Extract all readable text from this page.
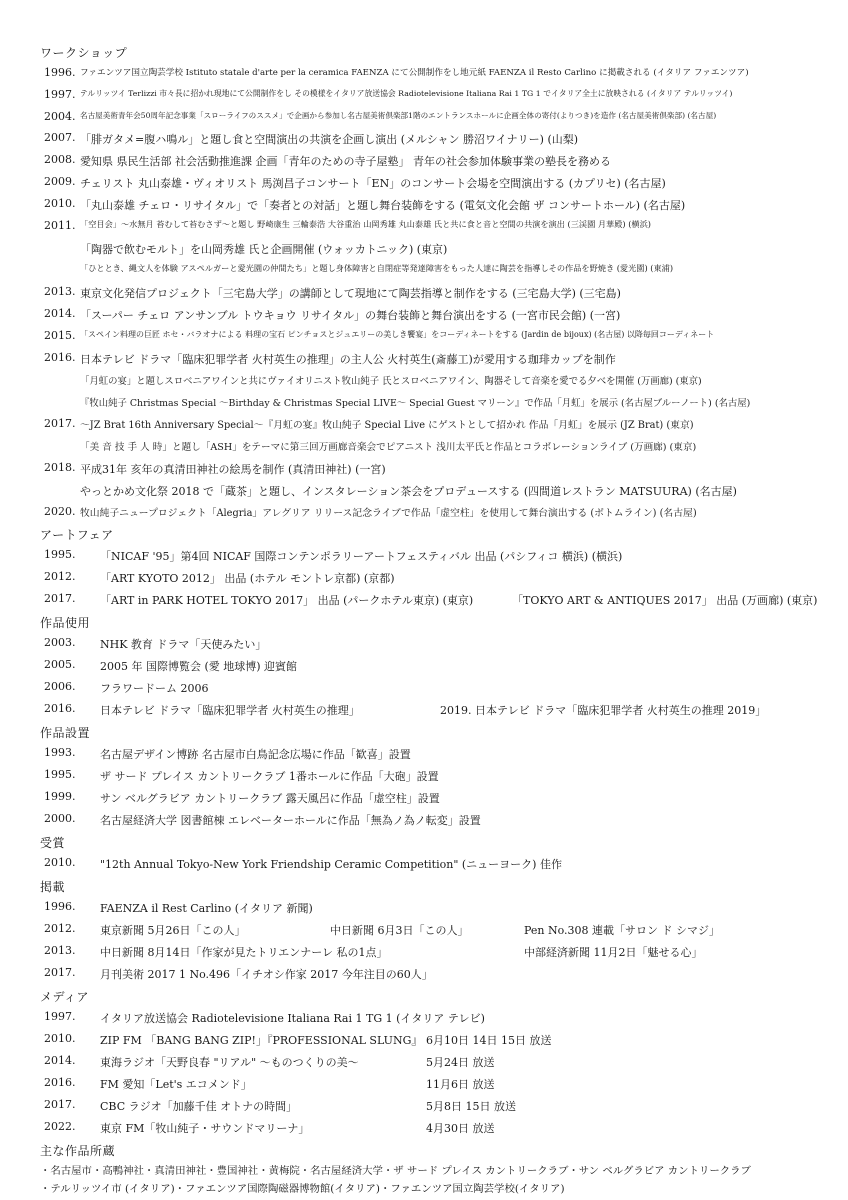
ワークショップ
1996. ファエンツア国立陶芸学校 Istituto statale d'arte per la ceramica FAENZA にて公開制作をし地元紙 FAENZA il Resto Carlino に掲載される (イタリア ファエンツア)
1997. テルリッツイ Terlizzi 市々長に招かれ現地にて公開制作をし その模様をイタリア放送協会 Radiotelevisione Italiana Rai 1 TG 1 でイタリア全土に放映される (イタリア テルリッツイ)
2004. 名古屋美術青年会50周年記念事業「スローライフのススメ」で企画から参加し名古屋美術倶楽部1階のエントランスホールに企画全体の寄付(よりつき)を造作 (名古屋美術倶楽部) (名古屋)
2007. 「腓ガタメ=腹ハ鳴ル」と題し食と空間演出の共演を企画し演出 (メルシャン 勝沼ワイナリー) (山梨)
2008. 愛知県 県民生活部 社会活動推進課 企画「青年のための寺子屋塾」 青年の社会参加体験事業の塾長を務める
2009. チェリスト 丸山泰雄・ヴィオリスト 馬渕昌子コンサート「EN」のコンサート会場を空間演出する (カプリセ) (名古屋)
2010. 「丸山泰雄 チェロ・リサイタル」で「奏者との対話」と題し舞台装飾をする (電気文化会館 ザ コンサートホール) (名古屋)
2011. 「空目会」～水無月 苔むして苔むさず～と題し 野崎康生 三輪泰浩 大谷重治 山岡秀雄 丸山泰雄 氏と共に食と音と空間の共演を演出 (三渓園 月華殿) (横浜)
「陶器で飲むモルト」を山岡秀雄 氏と企画開催 (ウォッカトニック) (東京)
「ひととき、縄文人を体験 アスペルガーと愛光園の仲間たち」と題し身体障害と自閉症等発達障害をもった人達に陶芸を指導しその作品を野焼き (愛光園) (東浦)
2013. 東京文化発信プロジェクト「三宅島大学」の講師として現地にて陶芸指導と制作をする (三宅島大学) (三宅島)
2014. 「スーパー チェロ アンサンブル トウキョウ リサイタル」の舞台装飾と舞台演出をする (一宮市民会館) (一宮)
2015. 「スペイン料理の巨匠 ホセ・バラオナによる 料理の宝石 ピンチョスとジュエリーの美しき饗宴」をコーディネートをする (Jardin de bijoux) (名古屋) 以降毎回コーディネート
2016. 日本テレビ ドラマ「臨床犯罪学者 火村英生の推理」の主人公 火村英生(斎藤工)が愛用する珈琲カップを制作
「月虹の宴」と題しスロベニアワインと共にヴァイオリニスト牧山純子 氏とスロベニアワイン、陶器そして音楽を愛でる夕べを開催 (万画廊) (東京)
『牧山純子 Christmas Special ～Birthday & Christmas Special LIVE～ Special Guest マリーン』で作品「月虹」を展示 (名古屋ブルーノート) (名古屋)
2017. ～JZ Brat 16th Anniversary Special～『月虹の宴』牧山純子 Special Live にゲストとして招かれ 作品「月虹」を展示 (JZ Brat) (東京)
「美 音 技 手 人 時」と題し「ASH」をテーマに第三回万画廊音楽会でピアニスト 浅川太平氏と作品とコラボレーションライブ (万画廊) (東京)
2018. 平成31年 亥年の真清田神社の絵馬を制作 (真清田神社) (一宮)
やっとかめ文化祭 2018 で「蔵茶」と題し、インスタレーション茶会をプロデュースする (四間道レストラン MATSUURA) (名古屋)
2020. 牧山純子ニュープロジェクト「Alegria」アレグリア リリース記念ライブで作品「虚空柱」を使用して舞台演出する (ボトムライン) (名古屋)
アートフェア
1995. 「NICAF '95」第4回 NICAF 国際コンテンポラリーアートフェスティバル 出品 (パシフィコ 横浜) (横浜)
2012. 「ART KYOTO 2012」 出品 (ホテル モントレ京都) (京都)
2017. 「ART in PARK HOTEL TOKYO 2017」 出品 (パークホテル東京) (東京)	「TOKYO ART & ANTIQUES 2017」 出品 (万画廊) (東京)
作品使用
2003. NHK 教育 ドラマ「天使みたい」
2005. 2005 年 国際博覧会 (愛 地球博) 迎賓館
2006. フラワードーム 2006
2016. 日本テレビ ドラマ「臨床犯罪学者 火村英生の推理」	2019. 日本テレビ ドラマ「臨床犯罪学者 火村英生の推理 2019」
作品設置
1993. 名古屋デザイン博跡 名古屋市白鳥記念広場に作品「歓喜」設置
1995. ザ サード プレイス カントリークラブ 1番ホールに作品「大砲」設置
1999. サン ベルグラビア カントリークラブ 露天風呂に作品「虚空柱」設置
2000. 名古屋経済大学 図書館棟 エレベーターホールに作品「無為ノ為ノ転変」設置
受賞
2010. "12th Annual Tokyo-New York Friendship Ceramic Competition" (ニューヨーク) 佳作
掲載
1996. FAENZA il Rest Carlino (イタリア 新聞)
2012. 東京新聞 5月26日「この人」	中日新聞 6月3日「この人」	Pen No.308 連載「サロン ド シマジ」
2013. 中日新聞 8月14日「作家が見たトリエンナーレ 私の1点」	中部経済新聞 11月2日「魅せる心」
2017. 月刊美術 2017 1 No.496「イチオシ作家 2017 今年注目の60人」
メディア
1997. イタリア放送協会 Radiotelevisione Italiana Rai 1 TG 1 (イタリア テレビ)
2010. ZIP FM 「BANG BANG ZIP!」『PROFESSIONAL SLUNG』 6月10日 14日 15日 放送
2014. 東海ラジオ「天野良春 "リアル" ～ものつくりの美～	5月24日 放送
2016. FM 愛知「Let's エコメンド」	11月6日 放送
2017. CBC ラジオ「加藤千佳 オトナの時間」	5月8日 15日 放送
2022. 東京 FM「牧山純子・サウンドマリーナ」	4月30日 放送
主な作品所蔵
・名古屋市・高鴨神社・真清田神社・豊国神社・黄梅院・名古屋経済大学・ザ サード プレイス カントリークラブ・サン ベルグラビア カントリークラブ
・テルリッツイ市 (イタリア)・ファエンツア国際陶磁器博物館(イタリア)・ファエンツア国立陶芸学校(イタリア)
